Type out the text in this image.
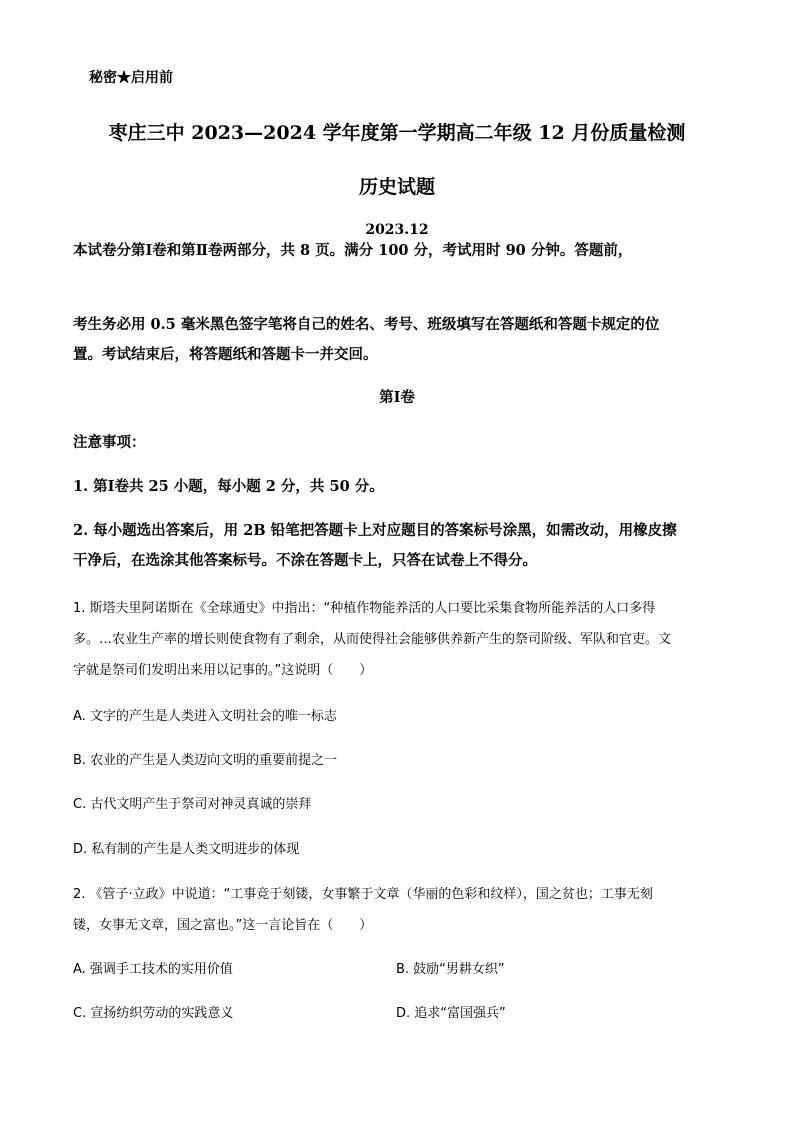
秘密★启用前

枣庄三中 2023—2024 学年度第一学期高二年级 12 月份质量检测

历史试题

2023.12

本试卷分第Ⅰ卷和第Ⅱ卷两部分，共 8 页。满分 100 分，考试用时 90 分钟。答题前，

考生务必用 0.5 毫米黑色签字笔将自己的姓名、考号、班级填写在答题纸和答题卡规定的位

置。考试结束后，将答题纸和答题卡一并交回。

第Ⅰ卷

注意事项：

1. 第Ⅰ卷共 25 小题，每小题 2 分，共 50 分。

2. 每小题选出答案后，用 2B 铅笔把答题卡上对应题目的答案标号涂黑，如需改动，用橡皮擦

干净后，在选涂其他答案标号。不涂在答题卡上，只答在试卷上不得分。

1. 斯塔夫里阿诺斯在《全球通史》中指出：“种植作物能养活的人口要比采集食物所能养活的人口多得

多。…农业生产率的增长则使食物有了剩余，从而使得社会能够供养新产生的祭司阶级、军队和官吏。文

字就是祭司们发明出来用以记事的。”这说明（　　）

A. 文字的产生是人类进入文明社会的唯一标志

B. 农业的产生是人类迈向文明的重要前提之一

C. 古代文明产生于祭司对神灵真诚的崇拜

D. 私有制的产生是人类文明进步的体现

2. 《管子·立政》中说道：“工事竞于刻镂，女事繁于文章（华丽的色彩和纹样），国之贫也；工事无刻

镂，女事无文章，国之富也。”这一言论旨在（　　）

A. 强调手工技术的实用价值	B. 鼓励“男耕女织”

C. 宣扬纺织劳动的实践意义	D. 追求“富国强兵”
